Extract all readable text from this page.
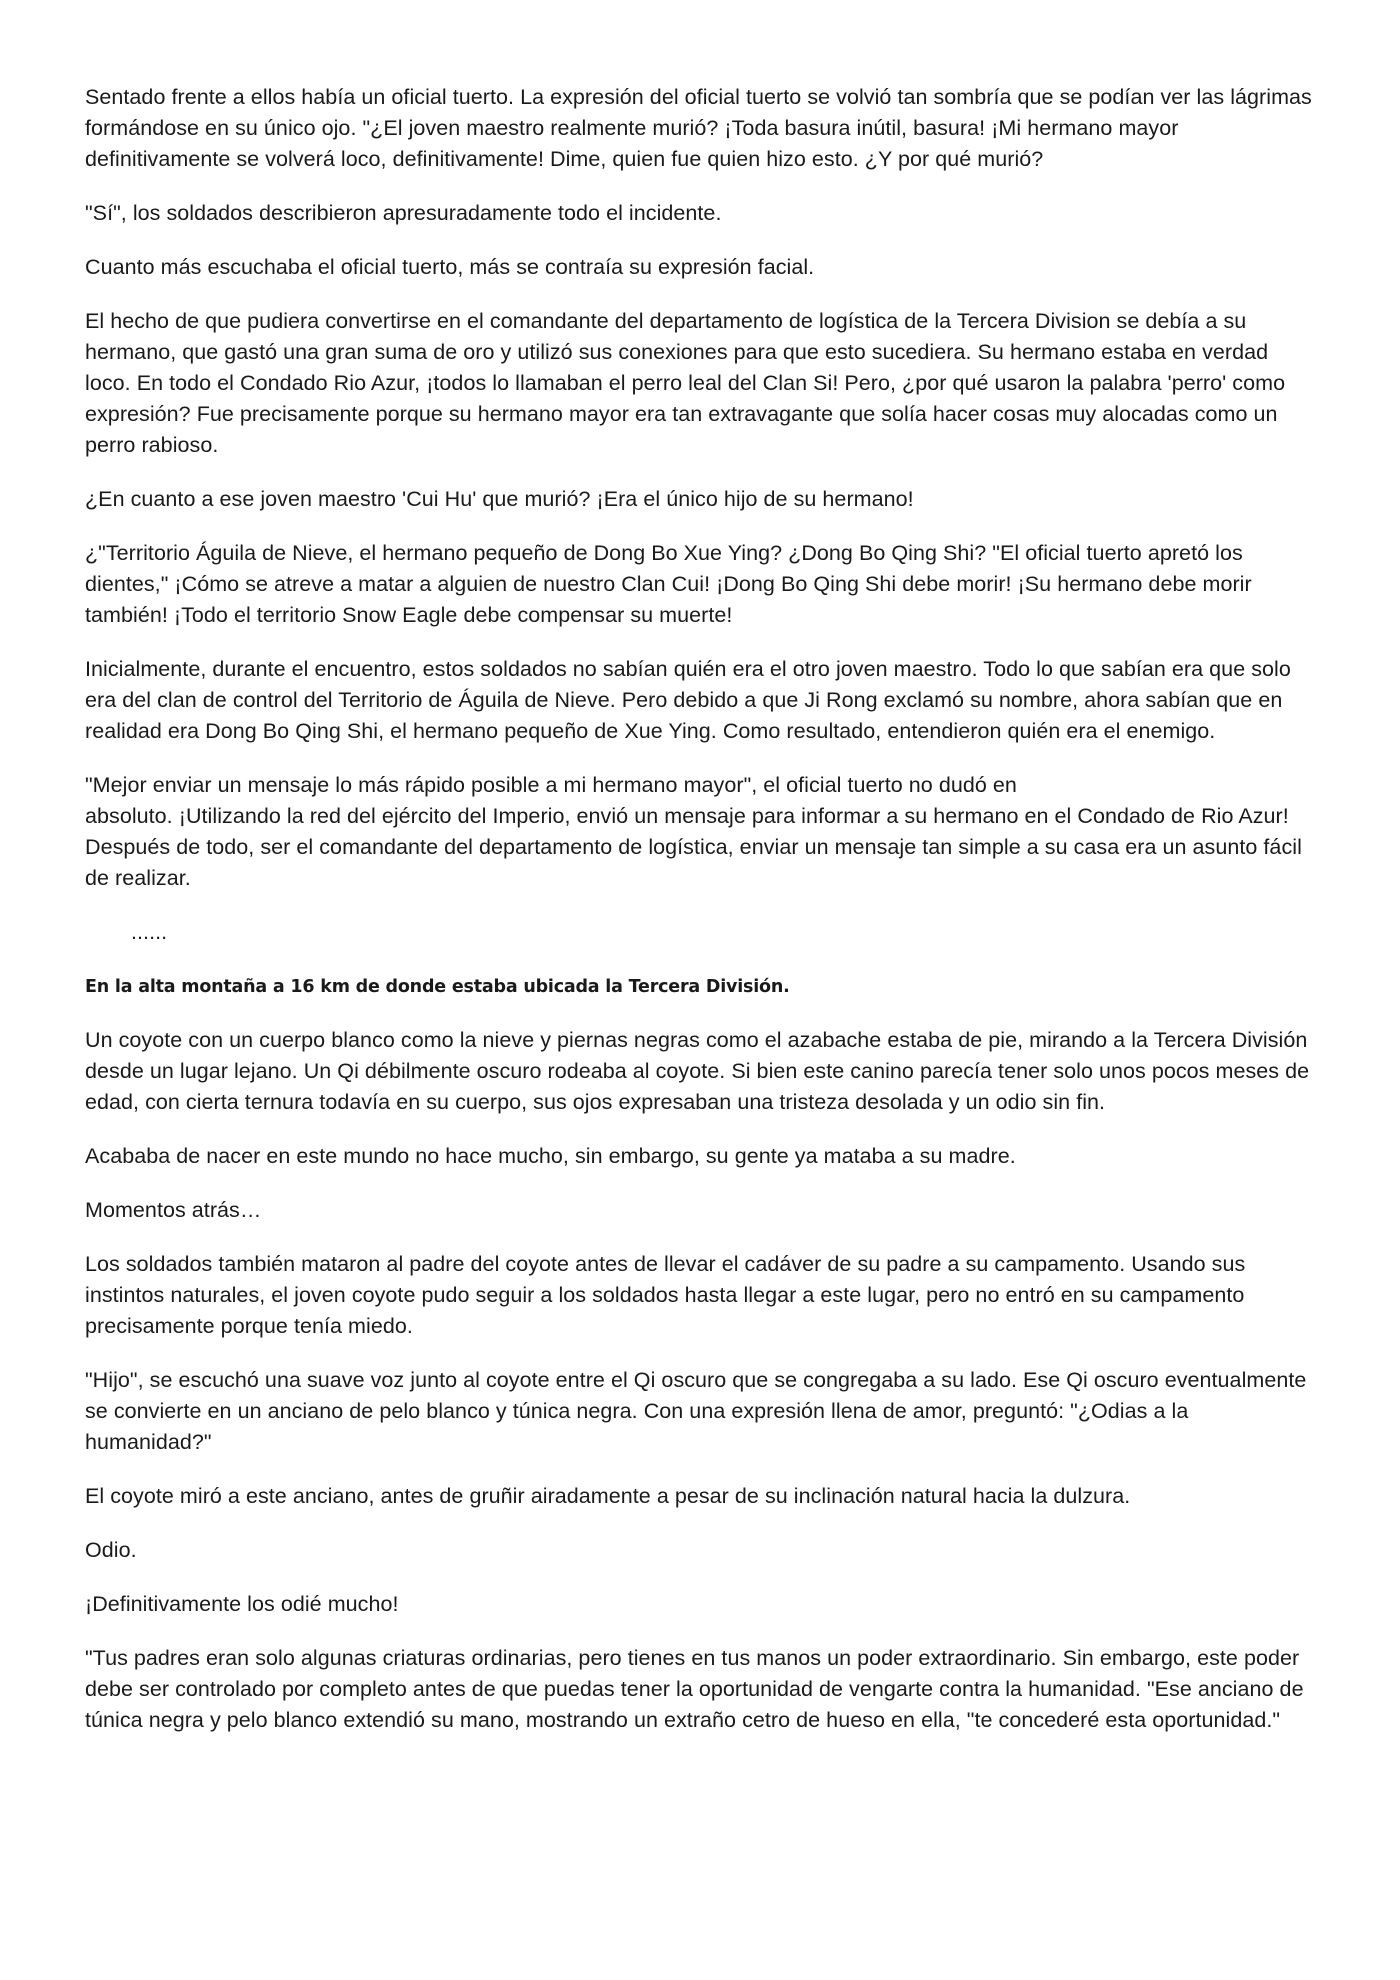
Sentado frente a ellos había un oficial tuerto. La expresión del oficial tuerto se volvió tan sombría que se podían ver las lágrimas formándose en su único ojo. "¿El joven maestro realmente murió? ¡Toda basura inútil, basura! ¡Mi hermano mayor definitivamente se volverá loco, definitivamente! Dime, quien fue quien hizo esto. ¿Y por qué murió?

"Sí", los soldados describieron apresuradamente todo el incidente.

Cuanto más escuchaba el oficial tuerto, más se contraía su expresión facial.

El hecho de que pudiera convertirse en el comandante del departamento de logística de la Tercera Division se debía a su hermano, que gastó una gran suma de oro y utilizó sus conexiones para que esto sucediera. Su hermano estaba en verdad loco. En todo el Condado Rio Azur, ¡todos lo llamaban el perro leal del Clan Si! Pero, ¿por qué usaron la palabra 'perro' como expresión? Fue precisamente porque su hermano mayor era tan extravagante que solía hacer cosas muy alocadas como un perro rabioso.

¿En cuanto a ese joven maestro 'Cui Hu' que murió? ¡Era el único hijo de su hermano!

¿"Territorio Águila de Nieve, el hermano pequeño de Dong Bo Xue Ying? ¿Dong Bo Qing Shi? "El oficial tuerto apretó los dientes," ¡Cómo se atreve a matar a alguien de nuestro Clan Cui! ¡Dong Bo Qing Shi debe morir! ¡Su hermano debe morir también! ¡Todo el territorio Snow Eagle debe compensar su muerte!

Inicialmente, durante el encuentro, estos soldados no sabían quién era el otro joven maestro. Todo lo que sabían era que solo era del clan de control del Territorio de Águila de Nieve. Pero debido a que Ji Rong exclamó su nombre, ahora sabían que en realidad era Dong Bo Qing Shi, el hermano pequeño de Xue Ying. Como resultado, entendieron quién era el enemigo.

"Mejor enviar un mensaje lo más rápido posible a mi hermano mayor", el oficial tuerto no dudó en
absoluto. ¡Utilizando la red del ejército del Imperio, envió un mensaje para informar a su hermano en el Condado de Rio Azur! Después de todo, ser el comandante del departamento de logística, enviar un mensaje tan simple a su casa era un asunto fácil de realizar.

......

En la alta montaña a 16 km de donde estaba ubicada la Tercera División.

Un coyote con un cuerpo blanco como la nieve y piernas negras como el azabache estaba de pie, mirando a la Tercera División desde un lugar lejano. Un Qi débilmente oscuro rodeaba al coyote. Si bien este canino parecía tener solo unos pocos meses de edad, con cierta ternura todavía en su cuerpo, sus ojos expresaban una tristeza desolada y un odio sin fin.

Acababa de nacer en este mundo no hace mucho, sin embargo, su gente ya mataba a su madre.

Momentos atrás…

Los soldados también mataron al padre del coyote antes de llevar el cadáver de su padre a su campamento. Usando sus instintos naturales, el joven coyote pudo seguir a los soldados hasta llegar a este lugar, pero no entró en su campamento precisamente porque tenía miedo.

"Hijo", se escuchó una suave voz junto al coyote entre el Qi oscuro que se congregaba a su lado. Ese Qi oscuro eventualmente se convierte en un anciano de pelo blanco y túnica negra. Con una expresión llena de amor, preguntó: "¿Odias a la humanidad?"

El coyote miró a este anciano, antes de gruñir airadamente a pesar de su inclinación natural hacia la dulzura.

Odio.

¡Definitivamente los odié mucho!

"Tus padres eran solo algunas criaturas ordinarias, pero tienes en tus manos un poder extraordinario. Sin embargo, este poder debe ser controlado por completo antes de que puedas tener la oportunidad de vengarte contra la humanidad. "Ese anciano de túnica negra y pelo blanco extendió su mano, mostrando un extraño cetro de hueso en ella, "te concederé esta oportunidad."
